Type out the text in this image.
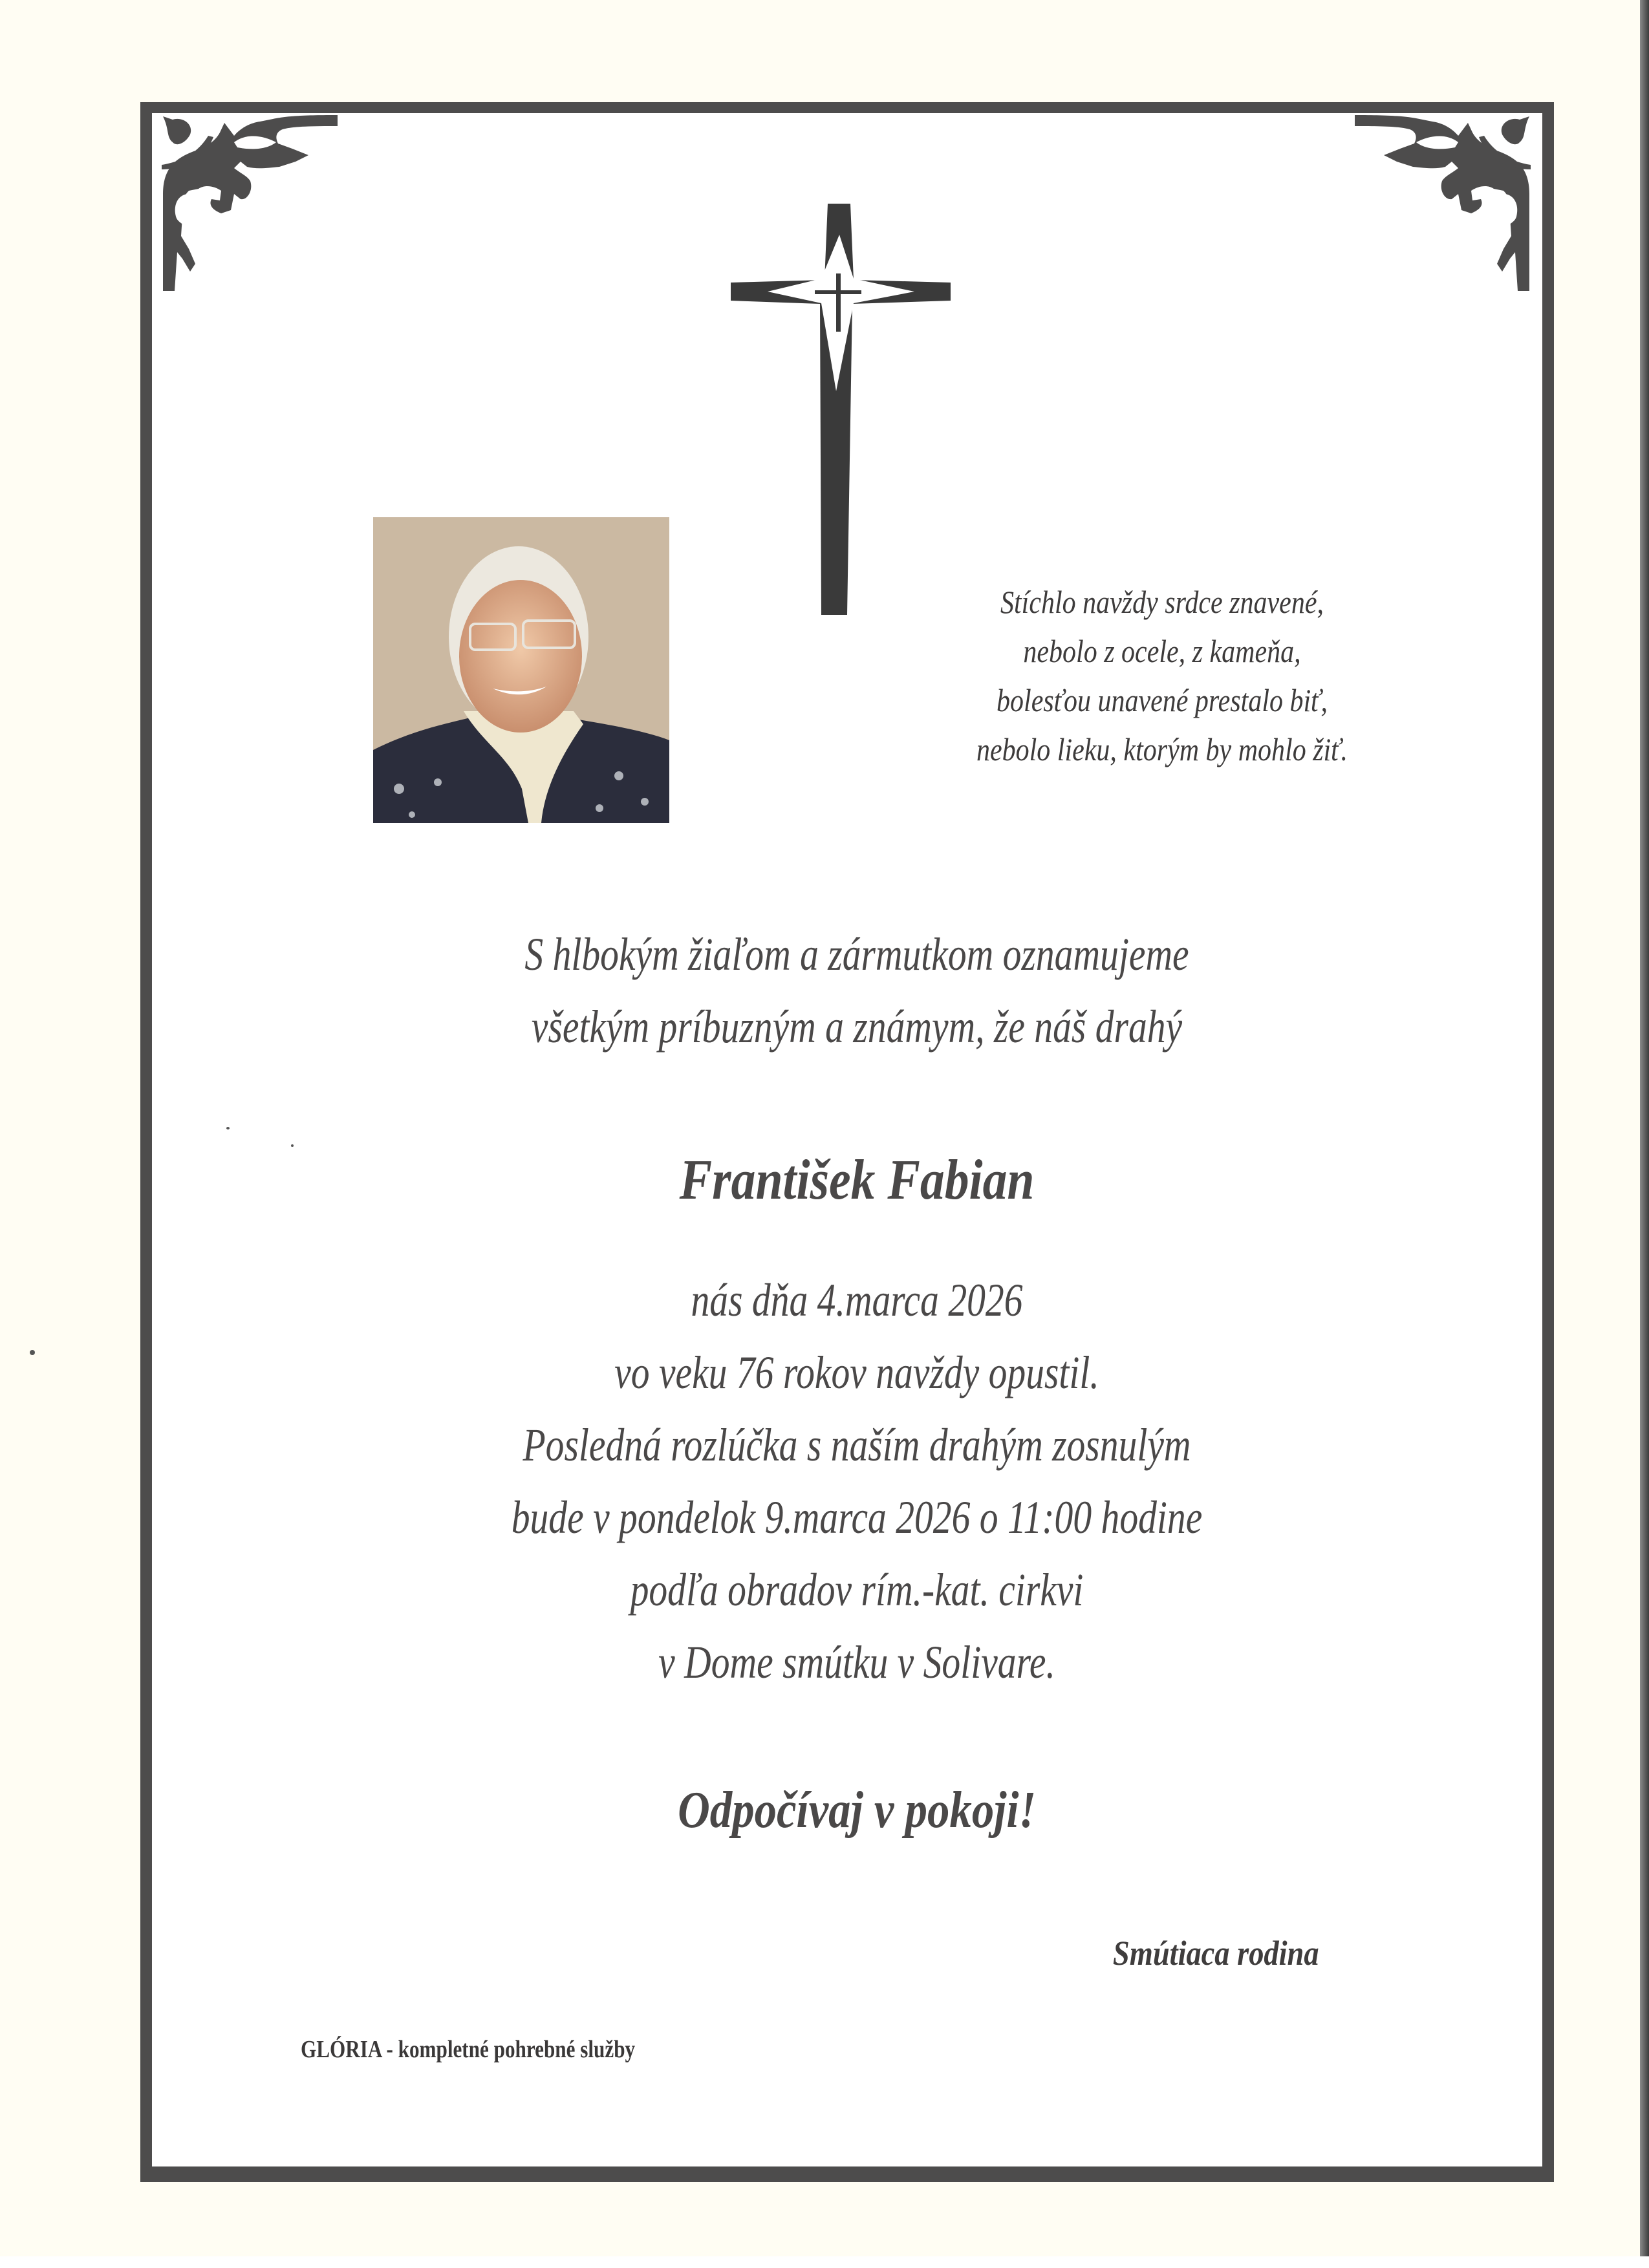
Stíchlo navždy srdce znavené,
nebolo z ocele, z kameňa,
bolesťou unavené prestalo biť,
nebolo lieku, ktorým by mohlo žiť.
S hlbokým žiaľom a zármutkom oznamujeme
všetkým príbuzným a známym, že náš drahý
František Fabian
nás dňa 4.marca 2026
vo veku 76 rokov navždy opustil.
Posledná rozlúčka s naším drahým zosnulým
bude v pondelok 9.marca 2026 o 11:00 hodine
podľa obradov rím.-kat. cirkvi
v Dome smútku v Solivare.
Odpočívaj v pokoji!
Smútiaca rodina
GLÓRIA - kompletné pohrebné služby
